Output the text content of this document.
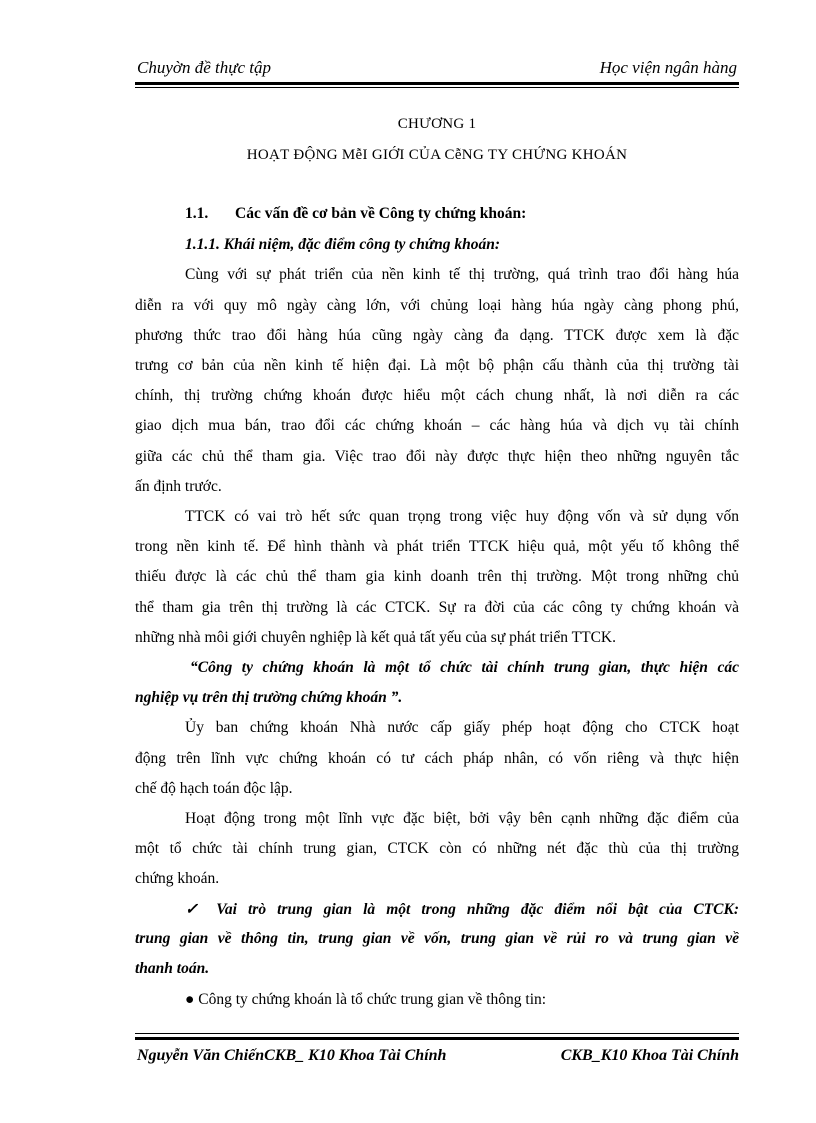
Chuyờn đề thực tập	Học viện ngân hàng
CHƯƠNG 1
HOẠT ĐỘNG MễI GIỚI CỦA CễNG TY CHỨNG KHOÁN
1.1.	Các vấn đề cơ bản về Công ty chứng khoán:
1.1.1. Khái niệm, đặc điểm công ty chứng khoán:
Cùng với sự phát triển của nền kinh tế thị trường, quá trình trao đổi hàng húa
diễn ra với quy mô ngày càng lớn, với chủng loại hàng húa ngày càng phong phú,
phương thức trao đổi hàng húa cũng ngày càng đa dạng. TTCK được xem là đặc
trưng cơ bản của nền kinh tế hiện đại. Là một bộ phận cấu thành của thị trường tài
chính, thị trường chứng khoán được hiểu một cách chung nhất, là nơi diễn ra các
giao dịch mua bán, trao đổi các chứng khoán – các hàng húa và dịch vụ tài chính
giữa các chủ thể tham gia. Việc trao đổi này được thực hiện theo những nguyên tắc
ấn định trước.
TTCK có vai trò hết sức quan trọng trong việc huy động vốn và sử dụng vốn
trong nền kinh tế. Để hình thành và phát triển TTCK hiệu quả, một yếu tố không thể
thiếu được là các chủ thể tham gia kinh doanh trên thị trường. Một trong những chủ
thể tham gia trên thị trường là các CTCK. Sự ra đời của các công ty chứng khoán và
những nhà môi giới chuyên nghiệp là kết quả tất yếu của sự phát triển TTCK.
“Công ty chứng khoán là một tổ chức tài chính trung gian, thực hiện các
nghiệp vụ trên thị trường chứng khoán ”.
Ủy ban chứng khoán Nhà nước cấp giấy phép hoạt động cho CTCK hoạt
động trên lĩnh vực chứng khoán có tư cách pháp nhân, có vốn riêng và thực hiện
chế độ hạch toán độc lập.
Hoạt động trong một lĩnh vực đặc biệt, bởi vậy bên cạnh những đặc điểm của
một tổ chức tài chính trung gian, CTCK còn có những nét đặc thù của thị trường
chứng khoán.
✓ Vai trò trung gian là một trong những đặc điểm nổi bật của CTCK:
trung gian về thông tin, trung gian về vốn, trung gian về rủi ro và trung gian về
thanh toán.
● Công ty chứng khoán là tổ chức trung gian về thông tin:
Nguyễn Văn ChiếnCKB_ K10 Khoa Tài Chính	CKB_K10 Khoa Tài Chính
